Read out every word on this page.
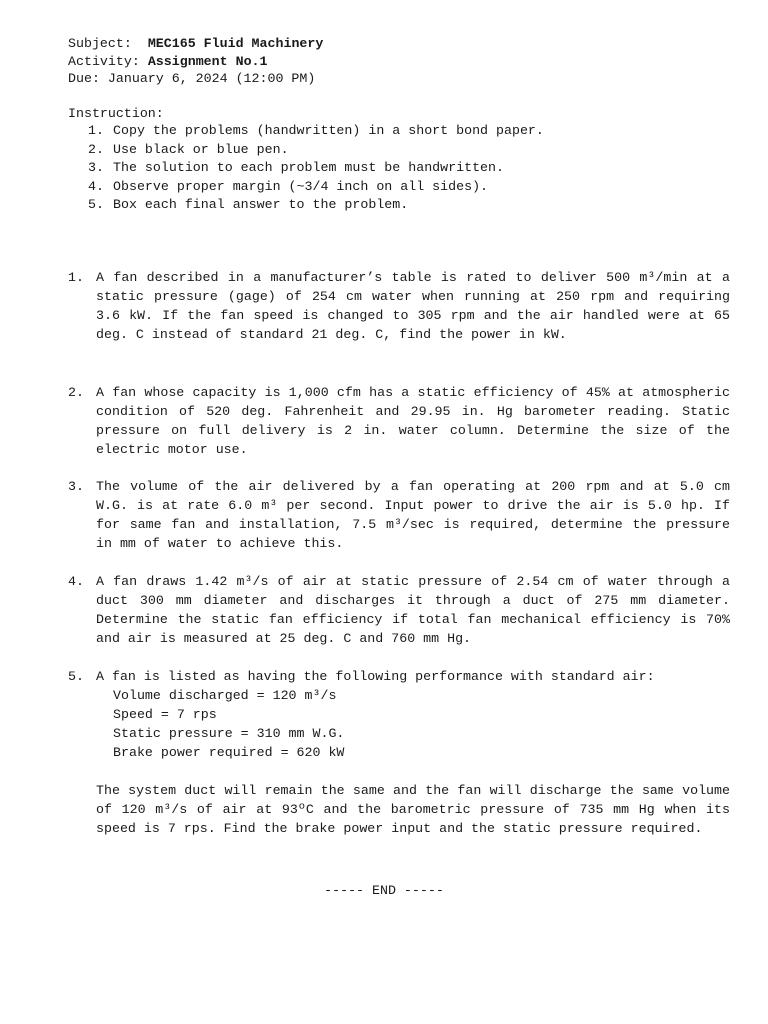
Subject: MEC165 Fluid Machinery
Activity: Assignment No.1
Due: January 6, 2024 (12:00 PM)
Instruction:
1. Copy the problems (handwritten) in a short bond paper.
2. Use black or blue pen.
3. The solution to each problem must be handwritten.
4. Observe proper margin (~3/4 inch on all sides).
5. Box each final answer to the problem.
1. A fan described in a manufacturer’s table is rated to deliver 500 m³/min at a static pressure (gage) of 254 cm water when running at 250 rpm and requiring 3.6 kW. If the fan speed is changed to 305 rpm and the air handled were at 65 deg. C instead of standard 21 deg. C, find the power in kW.
2. A fan whose capacity is 1,000 cfm has a static efficiency of 45% at atmospheric condition of 520 deg. Fahrenheit and 29.95 in. Hg barometer reading. Static pressure on full delivery is 2 in. water column. Determine the size of the electric motor use.
3. The volume of the air delivered by a fan operating at 200 rpm and at 5.0 cm W.G. is at rate 6.0 m³ per second. Input power to drive the air is 5.0 hp. If for same fan and installation, 7.5 m³/sec is required, determine the pressure in mm of water to achieve this.
4. A fan draws 1.42 m³/s of air at static pressure of 2.54 cm of water through a duct 300 mm diameter and discharges it through a duct of 275 mm diameter. Determine the static fan efficiency if total fan mechanical efficiency is 70% and air is measured at 25 deg. C and 760 mm Hg.
5. A fan is listed as having the following performance with standard air:
Volume discharged = 120 m³/s
Speed = 7 rps
Static pressure = 310 mm W.G.
Brake power required = 620 kW
The system duct will remain the same and the fan will discharge the same volume of 120 m³/s of air at 93ºC and the barometric pressure of 735 mm Hg when its speed is 7 rps. Find the brake power input and the static pressure required.
----- END -----
